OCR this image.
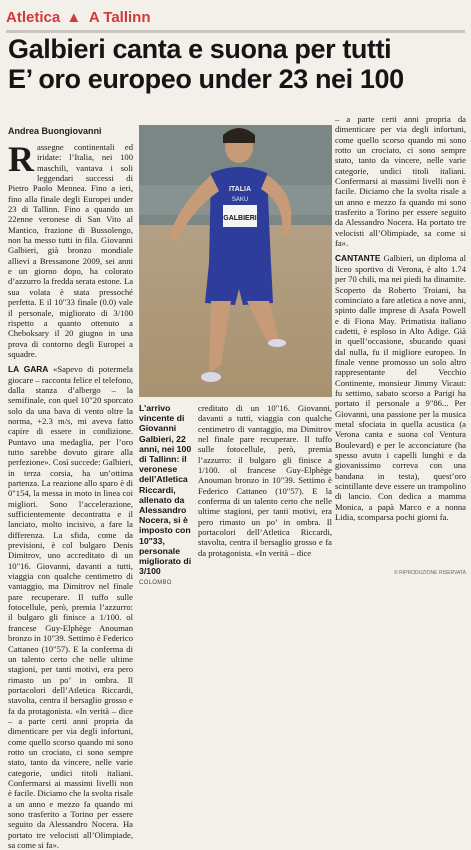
Atletica ▲ A Tallinn
Galbieri canta e suona per tutti
E’ oro europeo under 23 nei 100
Andrea Buongiovanni

R assegne continentali ed iridate: l’Italia, nei 100 maschili, vantava i soli leggendari successi di Pietro Paolo Mennea. Fino a ieri, fino alla finale degli Europei under 23 di Tallinn. Fino a quando un 22enne veronese di San Vito al Mantico, frazione di Bussolengo, non ha messo tutti in fila. Giovanni Galbieri, già bronzo mondiale allievi a Bressanone 2009, sei anni e un giorno dopo, ha colorato d’azzurro la fredda serata estone. La sua volata è stata pressoché perfetta. E il 10"33 finale (0.0) vale il personale, migliorato di 3/100 rispetto a quanto ottenuto a Cheboksary il 20 giugno in una prova di contorno degli Europei a squadre.

LA GARA «Sapevo di potermela giocare – racconta felice el telefono, dalla stanza d’albergo – la semifinale, con quel 10"20 sporcato solo da una bava di vento oltre la norma, +2.3 m/s, mi aveva fatto capire di essere in condizione. Puntavo una medaglia, per l’oro tutto sarebbe dovuto girare alla perfezione». Così succede: Galbieri, in terza corsia, ha un’ottima partenza. La reazione allo sparo è di 0"154, la messa in moto in linea coi migliori. Sono l’accelerazione, sufficientemente decontratta e il lanciato, molto incisivo, a fare la differenza. La sfida, come da previsioni, è col bulgaro Denis Dimitrov, uno accreditato di un 10"16. Giovanni, davanti a tutti, viaggia con qualche centimetro di vantaggio, ma Dimitrov nel finale pare recuperare. Il tuffo sulle fotocellule, però, premia l’azzurro: il bulgaro gli finisce a 1/100. ol francese Guy-Elphège Anouman bronzo in 10"39. Settimo è Federico Cattaneo (10"57). E la conferma di un talento certo che nelle ultime stagioni, per tanti motivi, era pero rimasto un po’ in ombra. Il portacolori dell’Atletica Riccardi, stavolta, centra il bersaglio grosso e fa da protagonista. «In verità – dice – a parte certi anni propria da dimenticare per via degli infortuni, come quello scorso quando mi sono rotto un crociato, ci sono sempre stato, tanto da vincere, nelle varie categorie, undici titoli italiani. Confermarsi ai massimi livelli non è facile. Diciamo che la svolta risale a un anno e mezzo fa quando mi sono trasferito a Torino per essere seguito da Alessandro Nocera. Ha portato tre velocisti all’Olimpiade, sa come si fa».

GALBIERI
ITALIA
SAKU
L’arrivo vincente di Giovanni Galbieri, 22 anni, nei 100 di Tallinn: il veronese dell’Atletica Riccardi, allenato da Alessandro Nocera, si è imposto con 10"33, personale migliorato di 3/100 COLOMBO

creditato di un 10"16. Giovanni, davanti a tutti, viaggia con qualche centimetro di vantaggio, ma Dimitrov nel finale pare recuperare. Il tuffo sulle fotocellule, però, premia l’azzurro: il bulgaro gli finisce a 1/100. ol francese Guy-Elphège Anouman bronzo in 10"39. Settimo è Federico Cattaneo (10"57). E la conferma di un talento certo che nelle ultime stagioni, per tanti motivi, era pero rimasto un po’ in ombra. Il portacolori dell’Atletica Riccardi, stavolta, centra il bersaglio grosso e fa da protagonista. «In verità – dice

– a parte certi anni propria da dimenticare per via degli infortuni, come quello scorso quando mi sono rotto un crociato, ci sono sempre stato, tanto da vincere, nelle varie categorie, undici titoli italiani. Confermarsi ai massimi livelli non è facile. Diciamo che la svolta risale a un anno e mezzo fa quando mi sono trasferito a Torino per essere seguito da Alessandro Nocera. Ha portato tre velocisti all’Olimpiade, sa come si fa».

CANTANTE Galbieri, un diploma al liceo sportivo di Verona, è alto 1.74 per 70 chili, ma nei piedi ha dinamite. Scoperto da Roberto Troiani, ha cominciato a fare atletica a nove anni, spinto dalle imprese di Asafa Powell e di Fiona May. Primatista italiano cadetti, è esploso in Alto Adige. Già in quell’occasione, sbucando quasi dal nulla, fu il migliore europeo. In finale venne promosso un solo altro rappresentante del Vecchio Continente, monsieur Jimmy Vicaut: fu settimo, sabato scorso a Parigi ha portato il personale a 9"86... Per Giovanni, una passione per la musica metal sfociata in quella acustica (a Verona canta e suona col Ventura Boulevard) e per le acconciature (ha spesso avuto i capelli lunghi e da giovanissimo correva con una bandana in testa), quest’oro scintillante deve essere un trampolino di lancio. Con dedica a mamma Monica, a papà Marco e a nonna Lidia, scomparsa pochi giorni fa.

© RIPRODUZIONE RISERVATA
